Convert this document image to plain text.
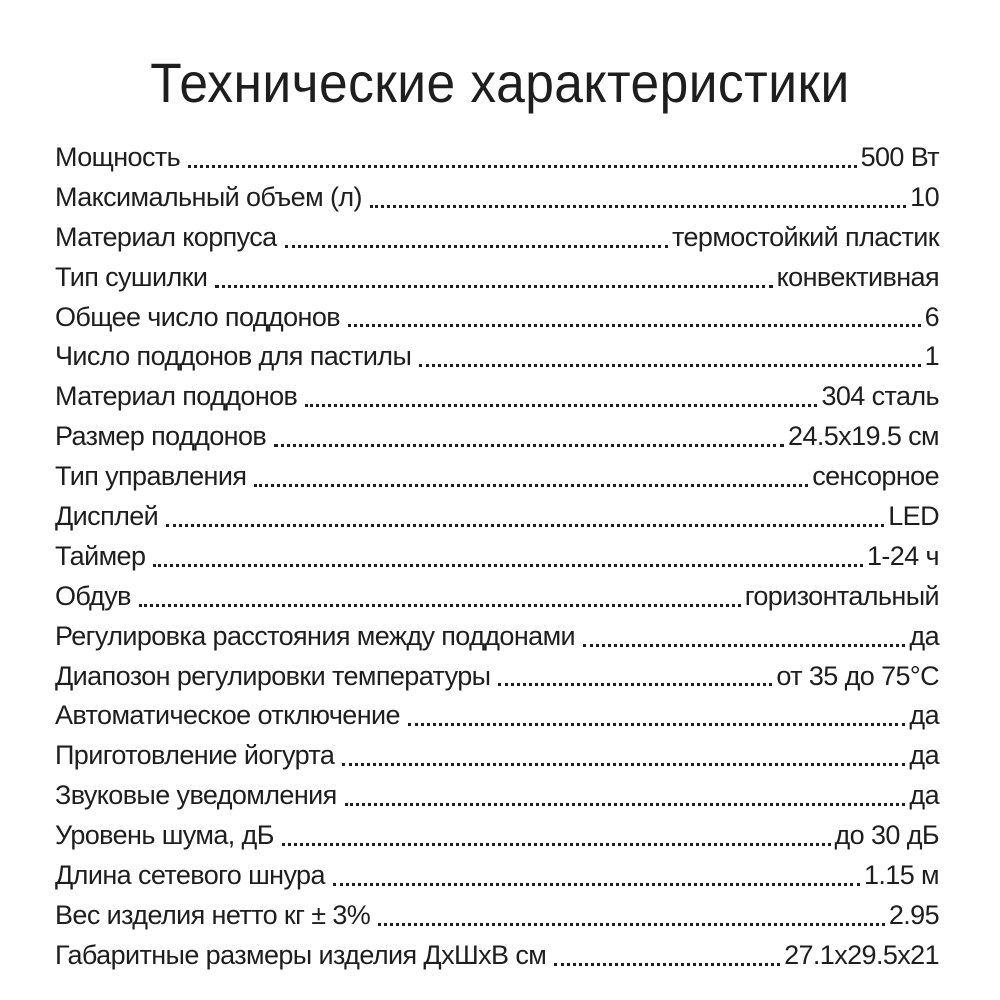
Технические характеристики
Мощность	500 Вт
Максимальный объем (л)	10
Материал корпуса	термостойкий пластик
Тип сушилки	конвективная
Общее число поддонов	6
Число поддонов для пастилы	1
Материал поддонов	304 сталь
Размер поддонов	24.5х19.5 см
Тип управления	сенсорное
Дисплей	LED
Таймер	1-24 ч
Обдув	горизонтальный
Регулировка расстояния между поддонами	да
Диапозон регулировки температуры	от 35 до 75°С
Автоматическое отключение	да
Приготовление йогурта	да
Звуковые уведомления	да
Уровень шума, дБ	до 30 дБ
Длина сетевого шнура	1.15 м
Вес изделия нетто кг ± 3%	2.95
Габаритные размеры изделия ДхШхВ см	27.1х29.5х21
